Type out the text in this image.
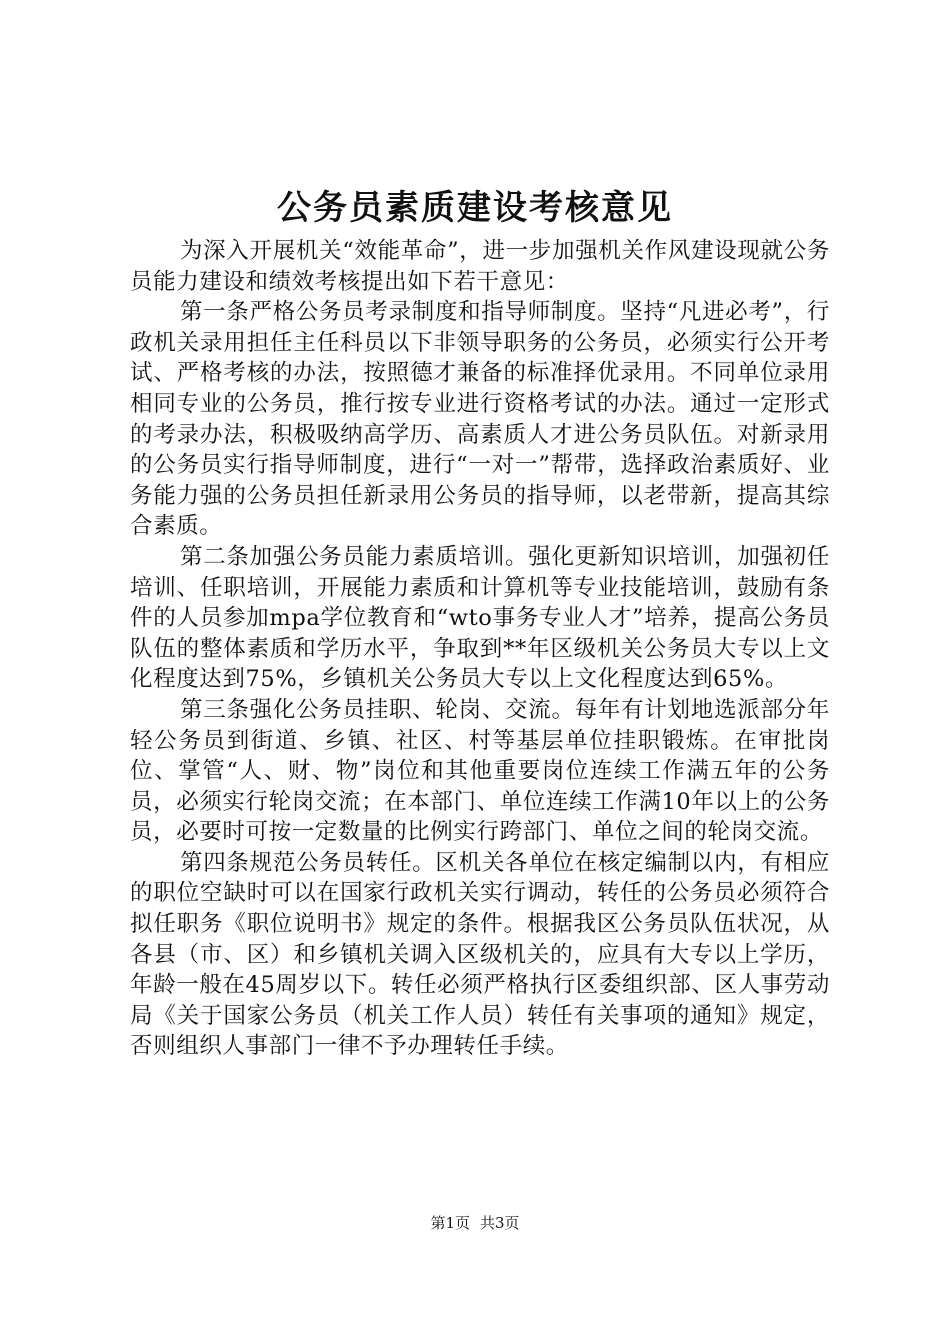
公务员素质建设考核意见

为深入开展机关“效能革命”，进一步加强机关作风建设现就公务员能力建设和绩效考核提出如下若干意见：

第一条严格公务员考录制度和指导师制度。坚持“凡进必考”，行政机关录用担任主任科员以下非领导职务的公务员，必须实行公开考试、严格考核的办法，按照德才兼备的标准择优录用。不同单位录用相同专业的公务员，推行按专业进行资格考试的办法。通过一定形式的考录办法，积极吸纳高学历、高素质人才进公务员队伍。对新录用的公务员实行指导师制度，进行“一对一”帮带，选择政治素质好、业务能力强的公务员担任新录用公务员的指导师，以老带新，提高其综合素质。

第二条加强公务员能力素质培训。强化更新知识培训，加强初任培训、任职培训，开展能力素质和计算机等专业技能培训，鼓励有条件的人员参加mpa学位教育和“wto事务专业人才”培养，提高公务员队伍的整体素质和学历水平，争取到**年区级机关公务员大专以上文化程度达到75%，乡镇机关公务员大专以上文化程度达到65%。

第三条强化公务员挂职、轮岗、交流。每年有计划地选派部分年轻公务员到街道、乡镇、社区、村等基层单位挂职锻炼。在审批岗位、掌管“人、财、物”岗位和其他重要岗位连续工作满五年的公务员，必须实行轮岗交流；在本部门、单位连续工作满10年以上的公务员，必要时可按一定数量的比例实行跨部门、单位之间的轮岗交流。

第四条规范公务员转任。区机关各单位在核定编制以内，有相应的职位空缺时可以在国家行政机关实行调动，转任的公务员必须符合拟任职务《职位说明书》规定的条件。根据我区公务员队伍状况，从各县（市、区）和乡镇机关调入区级机关的，应具有大专以上学历，年龄一般在45周岁以下。转任必须严格执行区委组织部、区人事劳动局《关于国家公务员（机关工作人员）转任有关事项的通知》规定，否则组织人事部门一律不予办理转任手续。

第1页 共3页
